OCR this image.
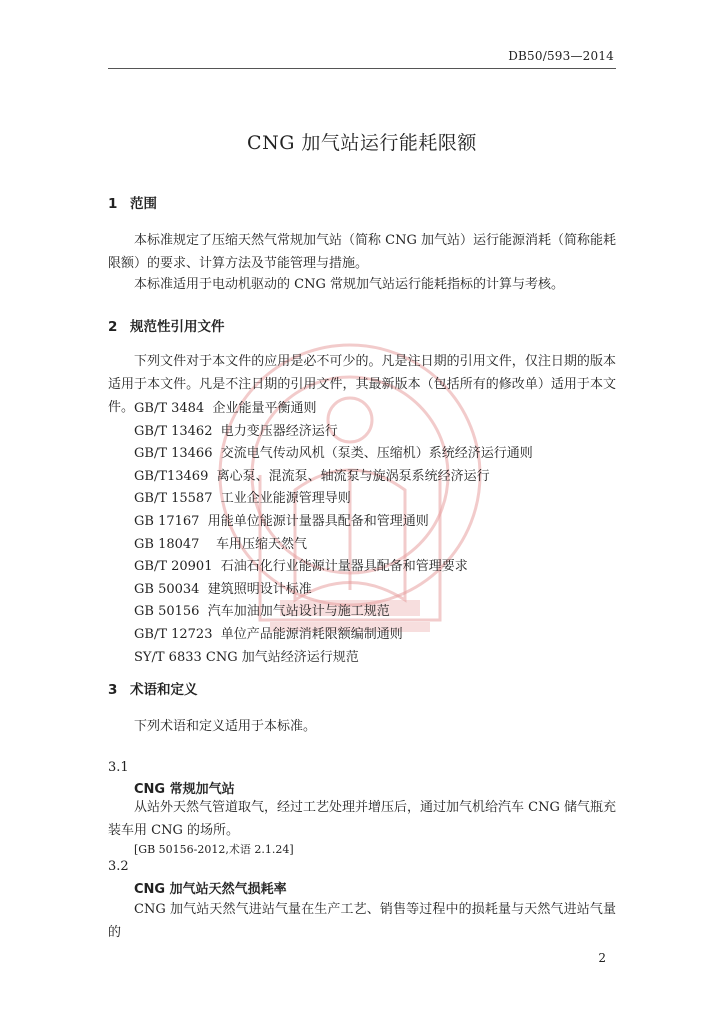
DB50/593—2014
CNG 加气站运行能耗限额
1 范围

本标准规定了压缩天然气常规加气站（简称 CNG 加气站）运行能源消耗（简称能耗限额）的要求、计算方法及节能管理与措施。

本标准适用于电动机驱动的 CNG 常规加气站运行能耗指标的计算与考核。

2 规范性引用文件

下列文件对于本文件的应用是必不可少的。凡是注日期的引用文件，仅注日期的版本适用于本文件。凡是不注日期的引用文件，其最新版本（包括所有的修改单）适用于本文件。 GB/T 3484  企业能量平衡通则
GB/T 13462  电力变压器经济运行
GB/T 13466  交流电气传动风机（泵类、压缩机）系统经济运行通则
GB/T13469  离心泵、混流泵、轴流泵与旋涡泵系统经济运行
GB/T 15587  工业企业能源管理导则
GB 17167  用能单位能源计量器具配备和管理通则
GB 18047    车用压缩天然气
GB/T 20901  石油石化行业能源计量器具配备和管理要求
GB 50034  建筑照明设计标准
GB 50156  汽车加油加气站设计与施工规范
GB/T 12723  单位产品能源消耗限额编制通则
SY/T 6833 CNG 加气站经济运行规范
3 术语和定义

下列术语和定义适用于本标准。

3.1
CNG 常规加气站

从站外天然气管道取气，经过工艺处理并增压后，通过加气机给汽车 CNG 储气瓶充装车用 CNG 的场所。

[GB 50156-2012,术语 2.1.24]
3.2
CNG 加气站天然气损耗率

CNG 加气站天然气进站气量在生产工艺、销售等过程中的损耗量与天然气进站气量的

2
